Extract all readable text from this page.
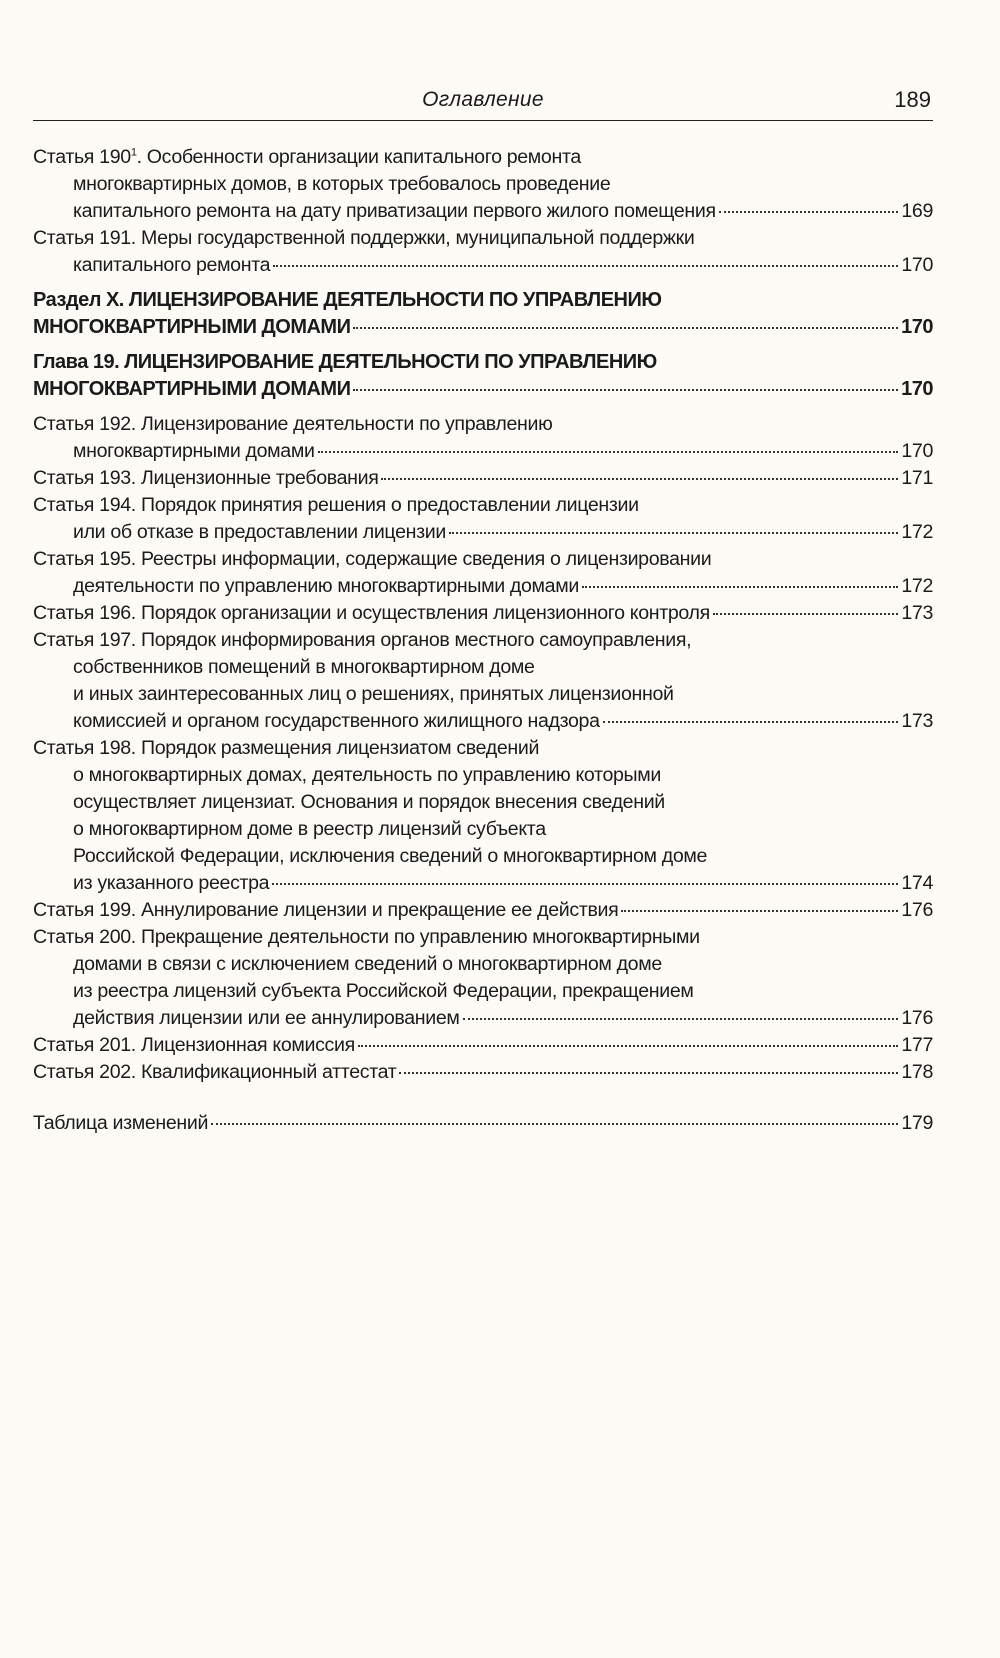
Оглавление	189
Статья $190^1$. Особенности организации капитального ремонта
многоквартирных домов, в которых требовалось проведение
капитального ремонта на дату приватизации первого жилого помещения	169
Статья 191. Меры государственной поддержки, муниципальной поддержки
капитального ремонта	170
Раздел X. ЛИЦЕНЗИРОВАНИЕ ДЕЯТЕЛЬНОСТИ ПО УПРАВЛЕНИЮ
МНОГОКВАРТИРНЫМИ ДОМАМИ	170
Глава 19. ЛИЦЕНЗИРОВАНИЕ ДЕЯТЕЛЬНОСТИ ПО УПРАВЛЕНИЮ
МНОГОКВАРТИРНЫМИ ДОМАМИ	170
Статья 192. Лицензирование деятельности по управлению
многоквартирными домами	170
Статья 193. Лицензионные требования	171
Статья 194. Порядок принятия решения о предоставлении лицензии
или об отказе в предоставлении лицензии	172
Статья 195. Реестры информации, содержащие сведения о лицензировании
деятельности по управлению многоквартирными домами	172
Статья 196. Порядок организации и осуществления лицензионного контроля	173
Статья 197. Порядок информирования органов местного самоуправления,
собственников помещений в многоквартирном доме
и иных заинтересованных лиц о решениях, принятых лицензионной
комиссией и органом государственного жилищного надзора	173
Статья 198. Порядок размещения лицензиатом сведений
о многоквартирных домах, деятельность по управлению которыми
осуществляет лицензиат. Основания и порядок внесения сведений
о многоквартирном доме в реестр лицензий субъекта
Российской Федерации, исключения сведений о многоквартирном доме
из указанного реестра	174
Статья 199. Аннулирование лицензии и прекращение ее действия	176
Статья 200. Прекращение деятельности по управлению многоквартирными
домами в связи с исключением сведений о многоквартирном доме
из реестра лицензий субъекта Российской Федерации, прекращением
действия лицензии или ее аннулированием	176
Статья 201. Лицензионная комиссия	177
Статья 202. Квалификационный аттестат	178
Таблица изменений	179
